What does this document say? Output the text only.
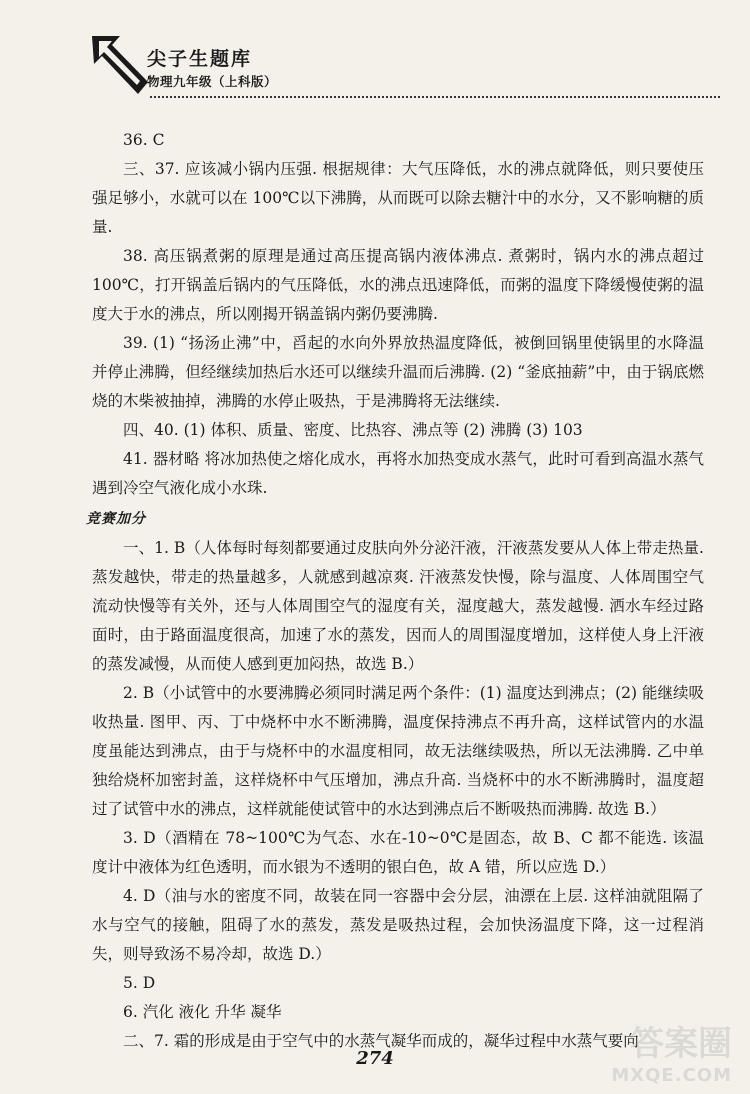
尖子生题库
物理九年级（上科版）

36. C

三、37. 应该减小锅内压强. 根据规律：大气压降低，水的沸点就降低，则只要使压强足够小，水就可以在 100℃以下沸腾，从而既可以除去糖汁中的水分，又不影响糖的质量.

38. 高压锅煮粥的原理是通过高压提高锅内液体沸点. 煮粥时，锅内水的沸点超过 100℃，打开锅盖后锅内的气压降低，水的沸点迅速降低，而粥的温度下降缓慢使粥的温度大于水的沸点，所以刚揭开锅盖锅内粥仍要沸腾.

39. (1) “扬汤止沸”中，舀起的水向外界放热温度降低，被倒回锅里使锅里的水降温并停止沸腾，但经继续加热后水还可以继续升温而后沸腾. (2) “釜底抽薪”中，由于锅底燃烧的木柴被抽掉，沸腾的水停止吸热，于是沸腾将无法继续.

四、40. (1) 体积、质量、密度、比热容、沸点等 (2) 沸腾 (3) 103

41. 器材略 将冰加热使之熔化成水，再将水加热变成水蒸气，此时可看到高温水蒸气遇到冷空气液化成小水珠.

竞赛加分

一、1. B（人体每时每刻都要通过皮肤向外分泌汗液，汗液蒸发要从人体上带走热量. 蒸发越快，带走的热量越多，人就感到越凉爽. 汗液蒸发快慢，除与温度、人体周围空气流动快慢等有关外，还与人体周围空气的湿度有关，湿度越大，蒸发越慢. 洒水车经过路面时，由于路面温度很高，加速了水的蒸发，因而人的周围湿度增加，这样使人身上汗液的蒸发减慢，从而使人感到更加闷热，故选 B.）

2. B（小试管中的水要沸腾必须同时满足两个条件：(1) 温度达到沸点；(2) 能继续吸收热量. 图甲、丙、丁中烧杯中水不断沸腾，温度保持沸点不再升高，这样试管内的水温度虽能达到沸点，由于与烧杯中的水温度相同，故无法继续吸热，所以无法沸腾. 乙中单独给烧杯加密封盖，这样烧杯中气压增加，沸点升高. 当烧杯中的水不断沸腾时，温度超过了试管中水的沸点，这样就能使试管中的水达到沸点后不断吸热而沸腾. 故选 B.）

3. D（酒精在 78~100℃为气态、水在-10~0℃是固态，故 B、C 都不能选. 该温度计中液体为红色透明，而水银为不透明的银白色，故 A 错，所以应选 D.）

4. D（油与水的密度不同，故装在同一容器中会分层，油漂在上层. 这样油就阻隔了水与空气的接触，阻碍了水的蒸发，蒸发是吸热过程，会加快汤温度下降，这一过程消失，则导致汤不易冷却，故选 D.）

5. D

6. 汽化 液化 升华 凝华

二、7. 霜的形成是由于空气中的水蒸气凝华而成的，凝华过程中水蒸气要向

274	答案圈
MXQE.COM
